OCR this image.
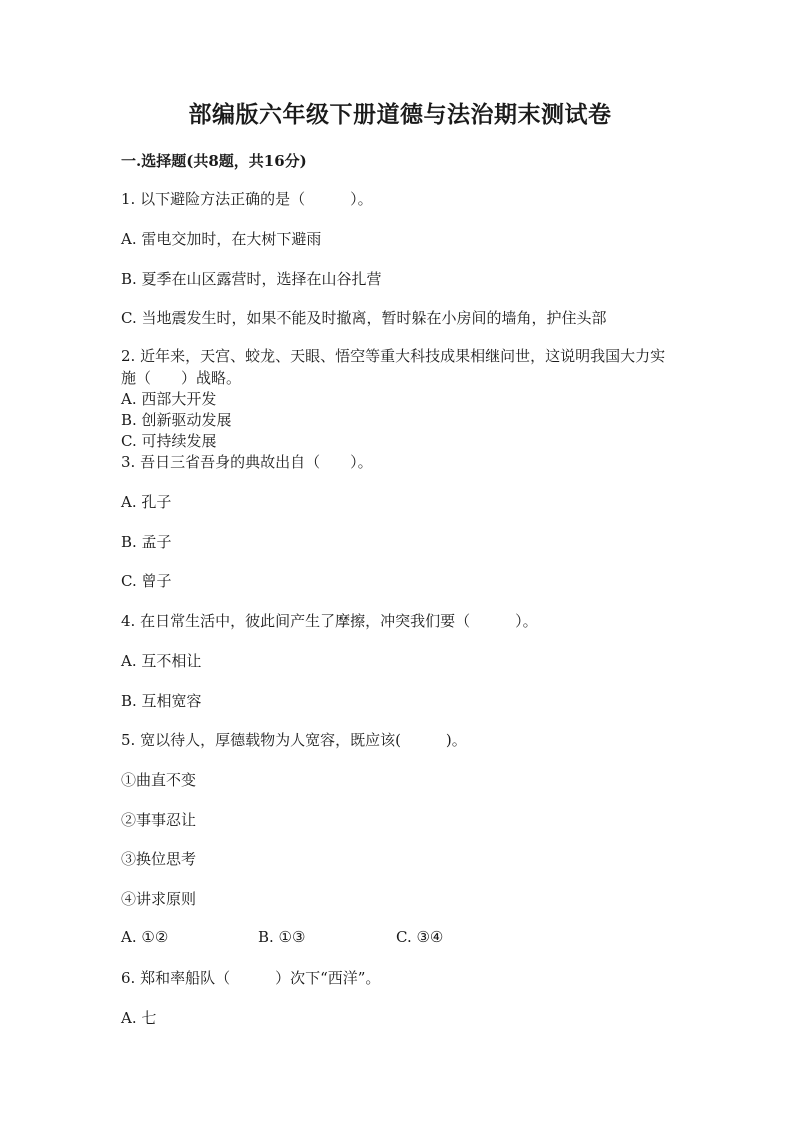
部编版六年级下册道德与法治期末测试卷
一.选择题(共8题，共16分)
1. 以下避险方法正确的是（　　　）。
A. 雷电交加时，在大树下避雨
B. 夏季在山区露营时，选择在山谷扎营
C. 当地震发生时，如果不能及时撤离，暂时躲在小房间的墙角，护住头部
2. 近年来，天宫、蛟龙、天眼、悟空等重大科技成果相继问世，这说明我国大力实施（　　）战略。
A. 西部大开发
B. 创新驱动发展
C. 可持续发展
3. 吾日三省吾身的典故出自（　　）。
A. 孔子
B. 孟子
C. 曾子
4. 在日常生活中，彼此间产生了摩擦，冲突我们要（　　　）。
A. 互不相让
B. 互相宽容
5. 宽以待人，厚德载物为人宽容，既应该(　　　)。
①曲直不变
②事事忍让
③换位思考
④讲求原则
A. ①②	B. ①③	C. ③④
6. 郑和率船队（　　　）次下“西洋”。
A. 七
